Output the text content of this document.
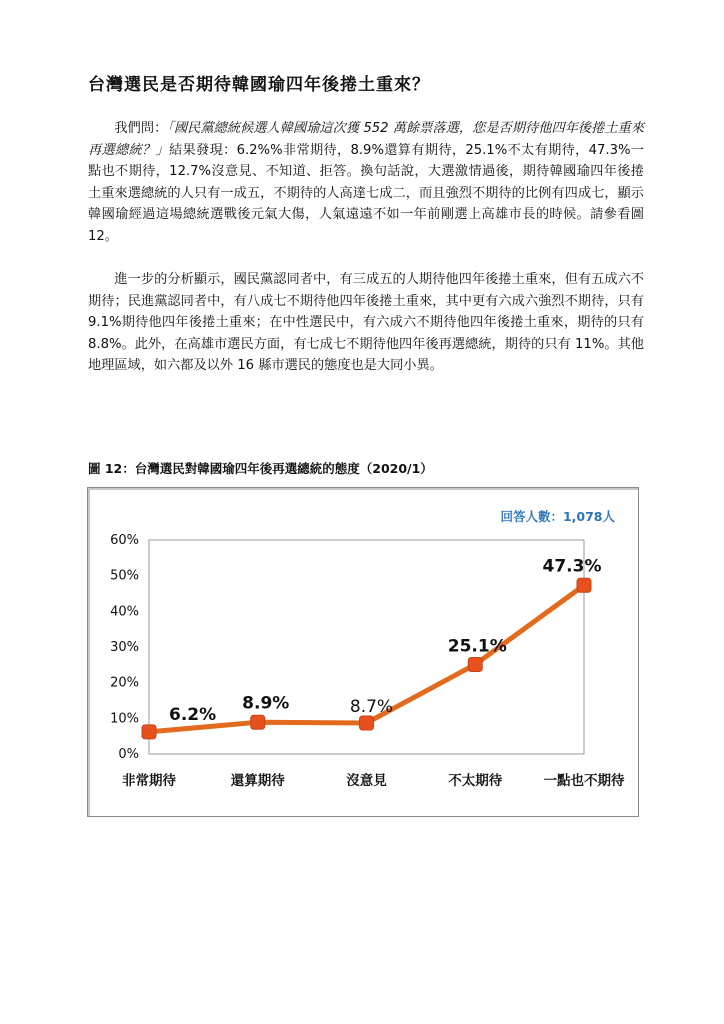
台灣選民是否期待韓國瑜四年後捲土重來？

我們問：「國民黨總統候選人韓國瑜這次獲 552 萬餘票落選，您是否期待他四年後捲土重來再選總統？」結果發現：6.2%%非常期待，8.9%還算有期待，25.1%不太有期待，47.3%一點也不期待，12.7%沒意見、不知道、拒答。換句話說，大選激情過後，期待韓國瑜四年後捲土重來選總統的人只有一成五，不期待的人高達七成二，而且強烈不期待的比例有四成七，顯示韓國瑜經過這場總統選戰後元氣大傷，人氣遠遠不如一年前剛選上高雄市長的時候。請參看圖 12。

進一步的分析顯示，國民黨認同者中，有三成五的人期待他四年後捲土重來，但有五成六不期待；民進黨認同者中，有八成七不期待他四年後捲土重來，其中更有六成六強烈不期待，只有 9.1%期待他四年後捲土重來；在中性選民中，有六成六不期待他四年後捲土重來，期待的只有 8.8%。此外，在高雄市選民方面，有七成七不期待他四年後再選總統，期待的只有 11%。其他地理區域，如六都及以外 16 縣市選民的態度也是大同小異。

圖 12：台灣選民對韓國瑜四年後再選總統的態度（2020/1）
0%
10%
20%
30%
40%
50%
60%
非常期待	還算期待	沒意見	不太期待	一點也不期待
6.2%
8.9%	8.7%
25.1%
47.3%
回答人數：1,078人
